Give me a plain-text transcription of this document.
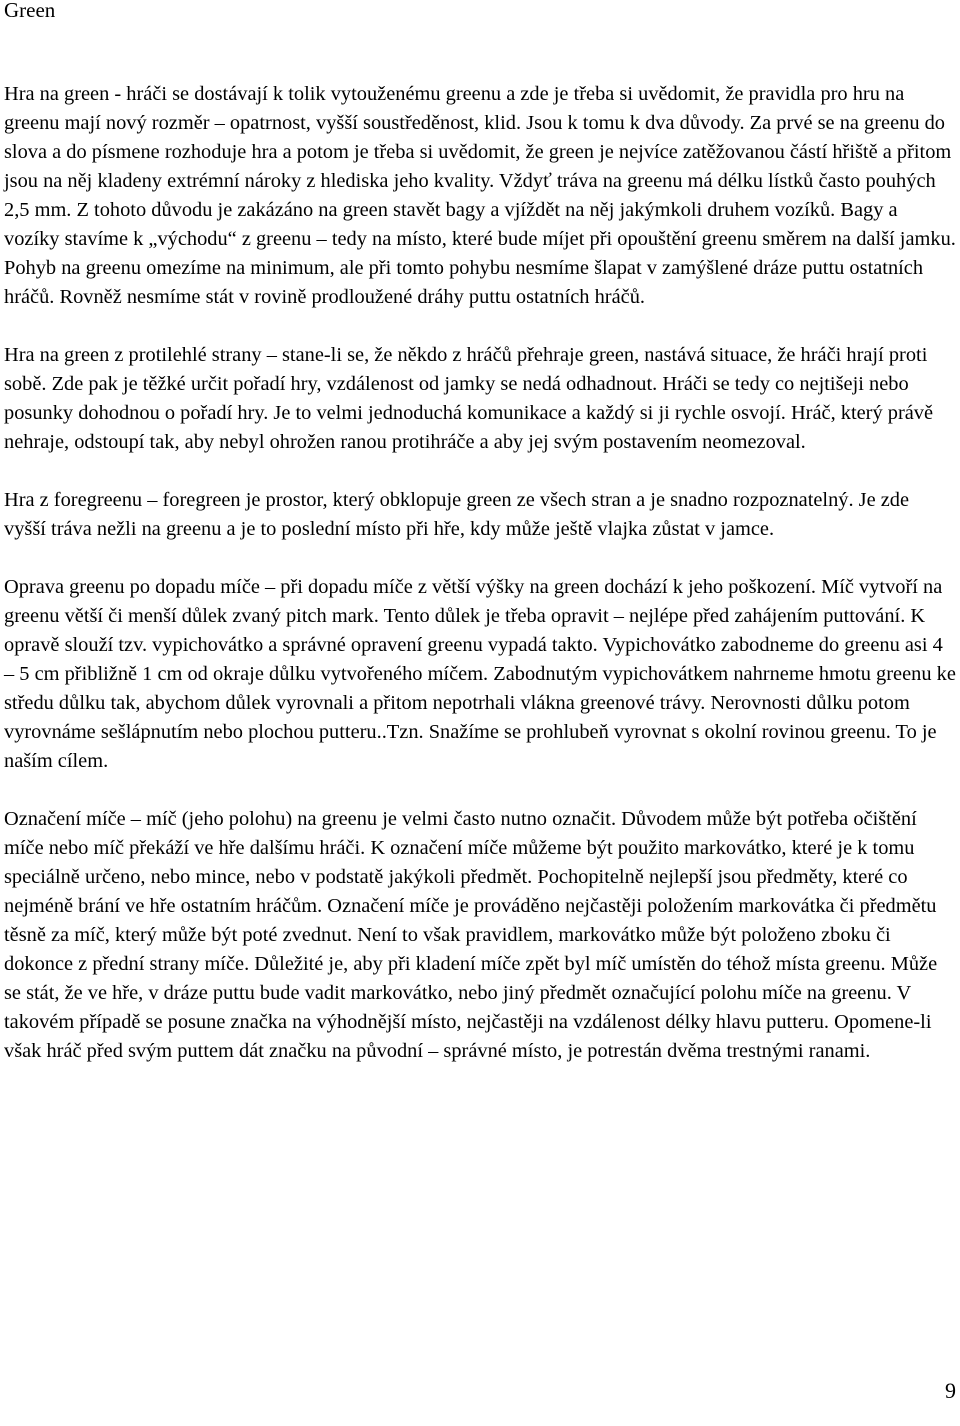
Green

Hra na green - hráči se dostávají k tolik vytouženému greenu a zde je třeba si uvědomit, že pravidla pro hru na greenu mají nový rozměr – opatrnost, vyšší soustředěnost, klid. Jsou k tomu k dva důvody. Za prvé se na greenu do slova a do písmene rozhoduje hra a potom je třeba si uvědomit, že green je nejvíce zatěžovanou částí hřiště a přitom jsou na něj kladeny extrémní nároky z hlediska jeho kvality. Vždyť tráva na greenu má délku lístků často pouhých 2,5 mm. Z tohoto důvodu je zakázáno na green stavět bagy a vjíždět na něj jakýmkoli druhem vozíků. Bagy a vozíky stavíme k „východu“ z greenu – tedy na místo, které bude míjet při opouštění greenu směrem na další jamku. Pohyb na greenu omezíme na minimum, ale při tomto pohybu nesmíme šlapat v zamýšlené dráze puttu ostatních hráčů. Rovněž nesmíme stát v rovině prodloužené dráhy puttu ostatních hráčů.

Hra na green z protilehlé strany – stane-li se, že někdo z hráčů přehraje green, nastává situace, že hráči hrají proti sobě. Zde pak je těžké určit pořadí hry, vzdálenost od jamky se nedá odhadnout. Hráči se tedy co nejtišeji nebo posunky dohodnou o pořadí hry. Je to velmi jednoduchá komunikace a každý si ji rychle osvojí. Hráč, který právě nehraje, odstoupí tak, aby nebyl ohrožen ranou protihráče a aby jej svým postavením neomezoval.

Hra z foregreenu – foregreen je prostor, který obklopuje green ze všech stran a je snadno rozpoznatelný. Je zde vyšší tráva nežli na greenu a je to poslední místo při hře, kdy může ještě vlajka zůstat v jamce.

Oprava greenu po dopadu míče – při dopadu míče z větší výšky na green dochází k jeho poškození. Míč vytvoří na greenu větší či menší důlek zvaný pitch mark. Tento důlek je třeba opravit – nejlépe před zahájením puttování. K opravě slouží tzv. vypichovátko a správné opravení greenu vypadá takto. Vypichovátko zabodneme do greenu asi 4 – 5 cm přibližně 1 cm od okraje důlku vytvořeného míčem. Zabodnutým vypichovátkem nahrneme hmotu greenu ke středu důlku tak, abychom důlek vyrovnali a přitom nepotrhali vlákna greenové trávy. Nerovnosti důlku potom vyrovnáme sešlápnutím nebo plochou putteru..Tzn. Snažíme se prohlubeň vyrovnat s okolní rovinou greenu. To je naším cílem.

Označení míče – míč (jeho polohu) na greenu je velmi často nutno označit. Důvodem může být potřeba očištění míče nebo míč překáží ve hře dalšímu hráči. K označení míče můžeme být použito markovátko, které je k tomu speciálně určeno, nebo mince, nebo v podstatě jakýkoli předmět. Pochopitelně nejlepší jsou předměty, které co nejméně brání ve hře ostatním hráčům. Označení míče je prováděno nejčastěji položením markovátka či předmětu těsně za míč, který může být poté zvednut. Není to však pravidlem, markovátko může být položeno zboku či dokonce z přední strany míče. Důležité je, aby při kladení míče zpět byl míč umístěn do téhož místa greenu. Může se stát, že ve hře, v dráze puttu bude vadit markovátko, nebo jiný předmět označující polohu míče na greenu. V takovém případě se posune značka na výhodnější místo, nejčastěji na vzdálenost délky hlavu putteru. Opomene-li však hráč před svým puttem dát značku na původní – správné místo, je potrestán dvěma trestnými ranami.

9
